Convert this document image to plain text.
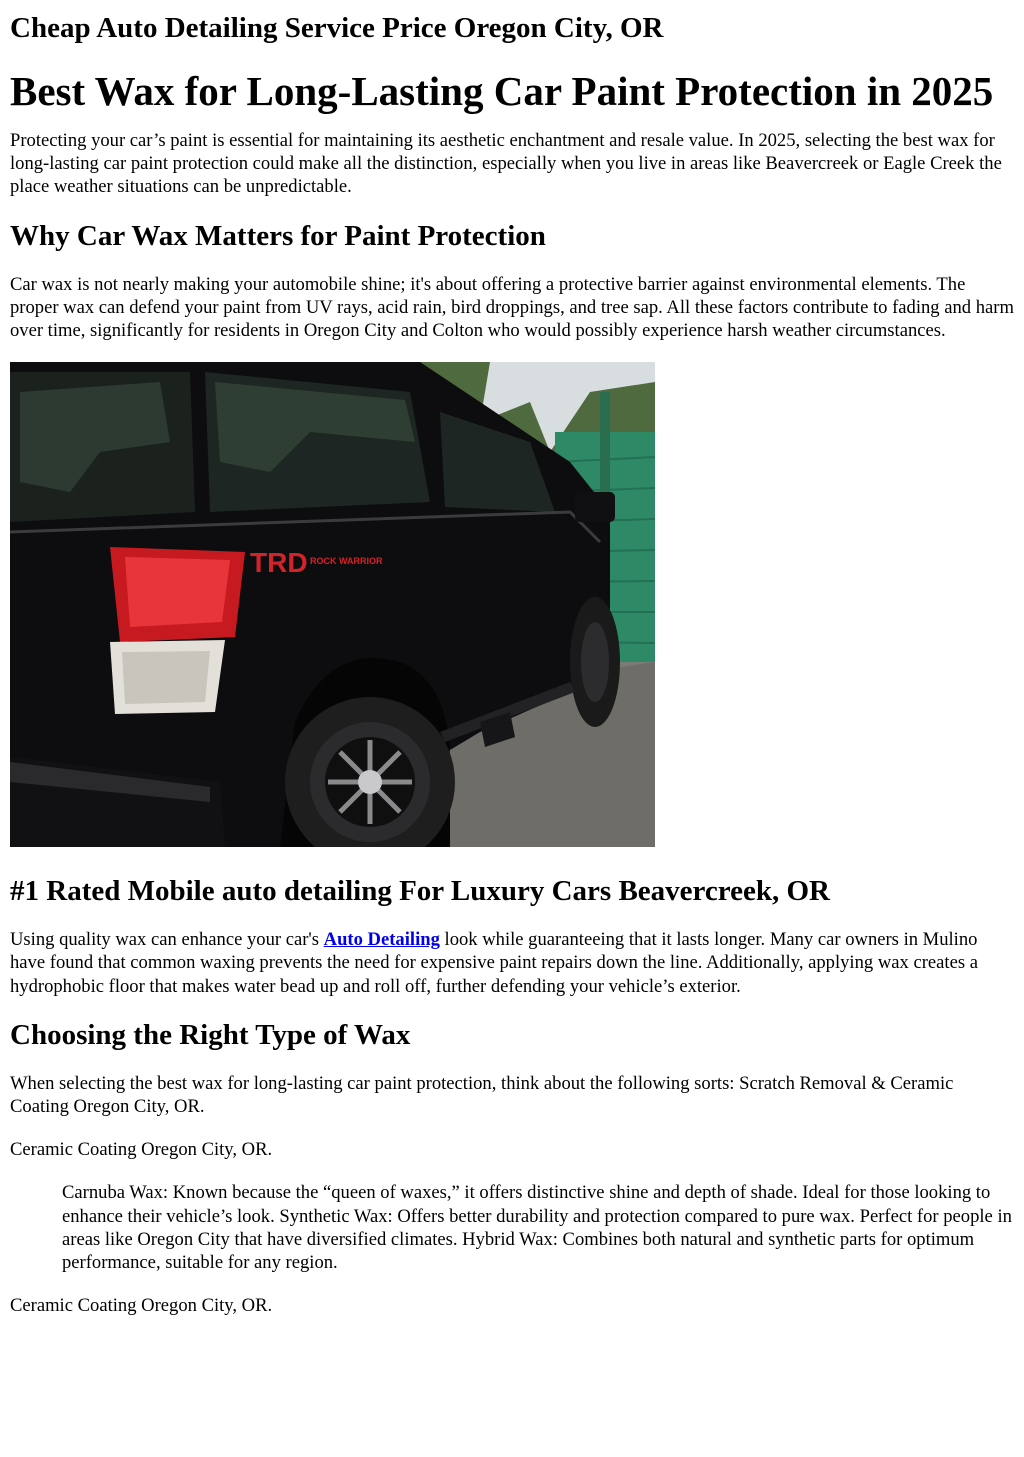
Cheap Auto Detailing Service Price Oregon City, OR
Best Wax for Long-Lasting Car Paint Protection in 2025

Protecting your car’s paint is essential for maintaining its aesthetic enchantment and resale value. In 2025, selecting the best wax for long-lasting car paint protection could make all the distinction, especially when you live in areas like Beavercreek or Eagle Creek the place weather situations can be unpredictable.

Why Car Wax Matters for Paint Protection

Car wax is not nearly making your automobile shine; it's about offering a protective barrier against environmental elements. The proper wax can defend your paint from UV rays, acid rain, bird droppings, and tree sap. All these factors contribute to fading and harm over time, significantly for residents in Oregon City and Colton who would possibly experience harsh weather circumstances.

TRD ROCK WARRIOR
#1 Rated Mobile auto detailing For Luxury Cars Beavercreek, OR

Using quality wax can enhance your car's Auto Detailing look while guaranteeing that it lasts longer. Many car owners in Mulino have found that common waxing prevents the need for expensive paint repairs down the line. Additionally, applying wax creates a hydrophobic floor that makes water bead up and roll off, further defending your vehicle’s exterior.

Choosing the Right Type of Wax

When selecting the best wax for long-lasting car paint protection, think about the following sorts: Scratch Removal & Ceramic Coating Oregon City, OR.

Ceramic Coating Oregon City, OR.

Carnuba Wax: Known because the “queen of waxes,” it offers distinctive shine and depth of shade. Ideal for those looking to enhance their vehicle’s look. Synthetic Wax: Offers better durability and protection compared to pure wax. Perfect for people in areas like Oregon City that have diversified climates. Hybrid Wax: Combines both natural and synthetic parts for optimum performance, suitable for any region.

Ceramic Coating Oregon City, OR.
